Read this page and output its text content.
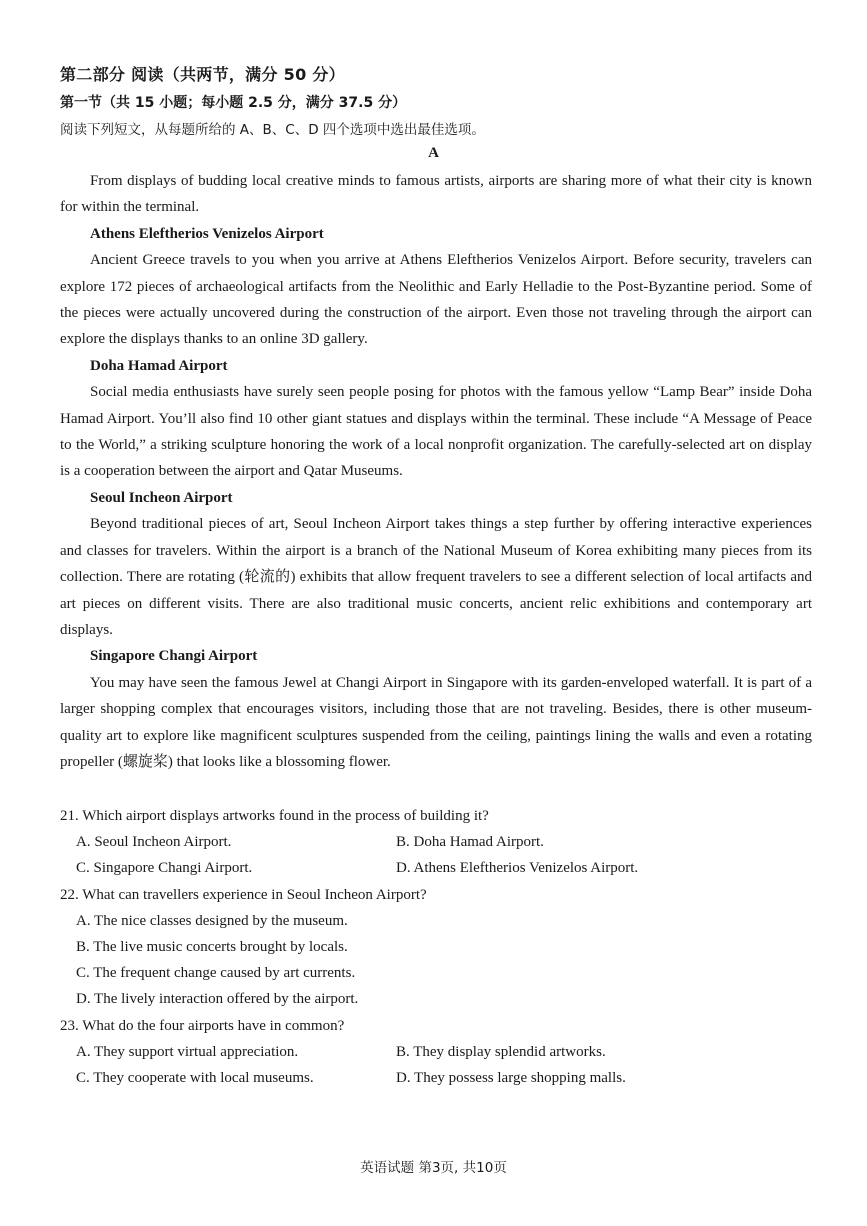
第二部分 阅读（共两节，满分 50 分）
第一节（共 15 小题；每小题 2.5 分，满分 37.5 分）
阅读下列短文，从每题所给的 A、B、C、D 四个选项中选出最佳选项。
A

From displays of budding local creative minds to famous artists, airports are sharing more of what their city is known for within the terminal.

Athens Eleftherios Venizelos Airport

Ancient Greece travels to you when you arrive at Athens Eleftherios Venizelos Airport. Before security, travelers can explore 172 pieces of archaeological artifacts from the Neolithic and Early Helladie to the Post-Byzantine period. Some of the pieces were actually uncovered during the construction of the airport. Even those not traveling through the airport can explore the displays thanks to an online 3D gallery.

Doha Hamad Airport

Social media enthusiasts have surely seen people posing for photos with the famous yellow “Lamp Bear” inside Doha Hamad Airport. You’ll also find 10 other giant statues and displays within the terminal. These include “A Message of Peace to the World,” a striking sculpture honoring the work of a local nonprofit organization. The carefully-selected art on display is a cooperation between the airport and Qatar Museums.

Seoul Incheon Airport

Beyond traditional pieces of art, Seoul Incheon Airport takes things a step further by offering interactive experiences and classes for travelers. Within the airport is a branch of the National Museum of Korea exhibiting many pieces from its collection. There are rotating (轮流的) exhibits that allow frequent travelers to see a different selection of local artifacts and art pieces on different visits. There are also traditional music concerts, ancient relic exhibitions and contemporary art displays.

Singapore Changi Airport

You may have seen the famous Jewel at Changi Airport in Singapore with its garden-enveloped waterfall. It is part of a larger shopping complex that encourages visitors, including those that are not traveling. Besides, there is other museum-quality art to explore like magnificent sculptures suspended from the ceiling, paintings lining the walls and even a rotating propeller (螺旋桨) that looks like a blossoming flower.

21. Which airport displays artworks found in the process of building it?

A. Seoul Incheon Airport.	B. Doha Hamad Airport.
C. Singapore Changi Airport.	D. Athens Eleftherios Venizelos Airport.

22. What can travellers experience in Seoul Incheon Airport?

A. The nice classes designed by the museum.
B. The live music concerts brought by locals.
C. The frequent change caused by art currents.
D. The lively interaction offered by the airport.

23. What do the four airports have in common?

A. They support virtual appreciation.	B. They display splendid artworks.
C. They cooperate with local museums.	D. They possess large shopping malls.
英语试题 第3页, 共10页
